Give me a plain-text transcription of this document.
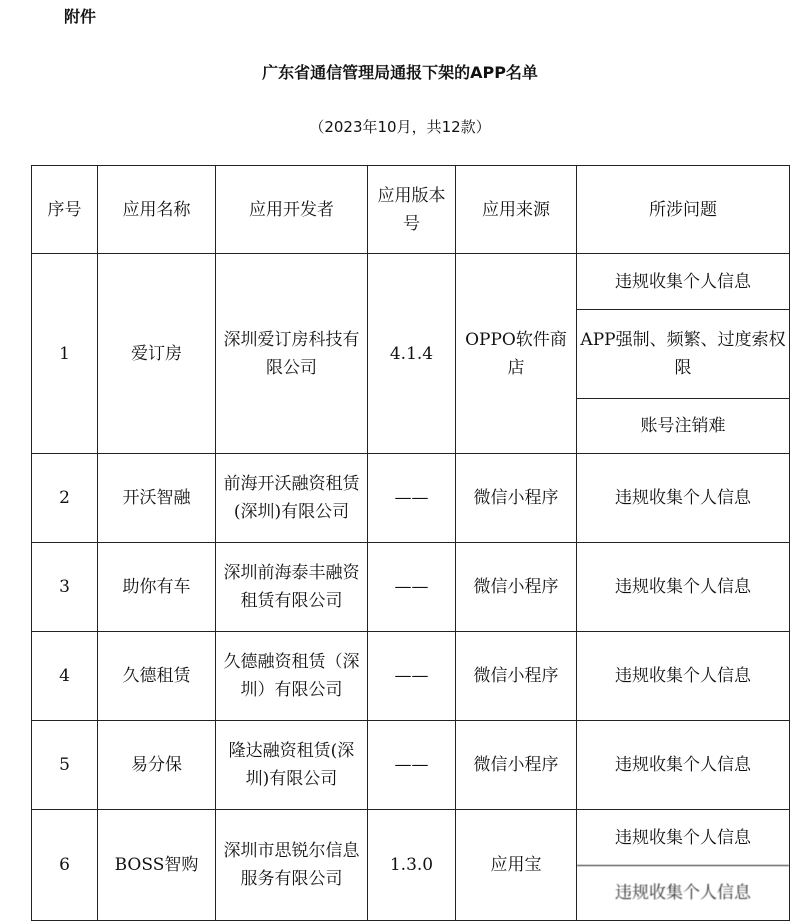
附件
广东省通信管理局通报下架的APP名单
（2023年10月，共12款）
序号	应用名称	应用开发者	应用版本号	应用来源	所涉问题
1	爱订房	深圳爱订房科技有限公司	4.1.4	OPPO软件商店	违规收集个人信息
APP强制、频繁、过度索权限
账号注销难

2	开沃智融	前海开沃融资租赁(深圳)有限公司	——	微信小程序	违规收集个人信息
3	助你有车	深圳前海泰丰融资租赁有限公司	——	微信小程序	违规收集个人信息
4	久德租赁	久德融资租赁（深圳）有限公司	——	微信小程序	违规收集个人信息
5	易分保	隆达融资租赁(深圳)有限公司	——	微信小程序	违规收集个人信息
6	BOSS智购	深圳市思锐尔信息服务有限公司	1.3.0	应用宝	违规收集个人信息
违规收集个人信息
